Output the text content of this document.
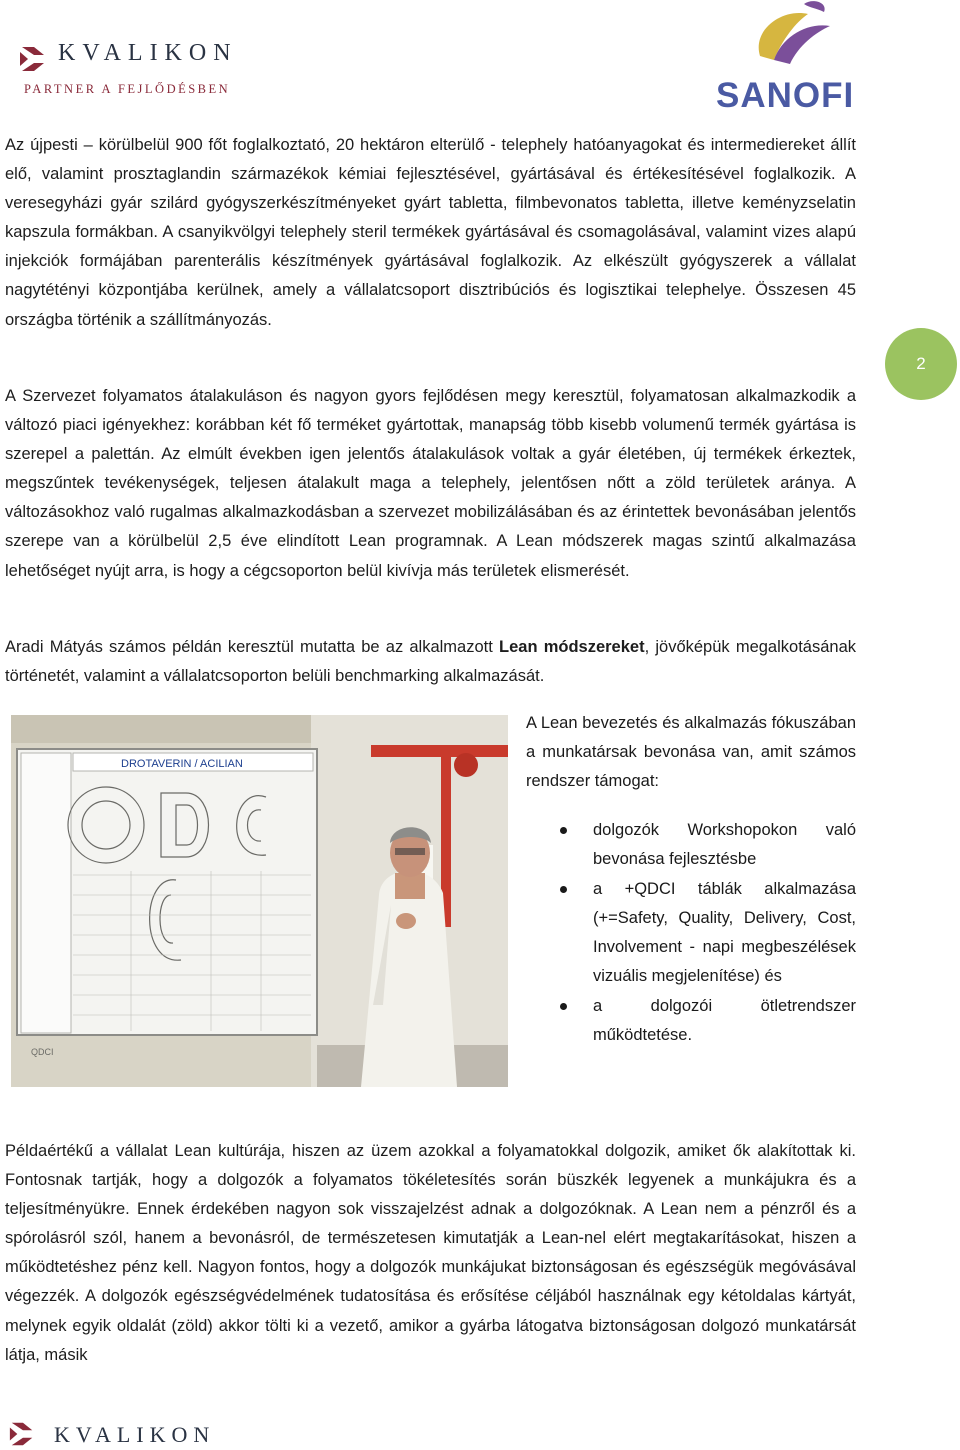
KVALIKON
PARTNER A FEJLŐDÉSBEN	SANOFI
2

Az újpesti – körülbelül 900 főt foglalkoztató, 20 hektáron elterülő - telephely hatóanyagokat és intermediereket állít elő, valamint prosztaglandin származékok kémiai fejlesztésével, gyártásával és értékesítésével foglalkozik. A veresegyházi gyár szilárd gyógyszerkészítményeket gyárt tabletta, filmbevonatos tabletta, illetve keményzselatin kapszula formákban. A csanyikvölgyi telephely steril termékek gyártásával és csomagolásával, valamint vizes alapú injekciók formájában parenterális készítmények gyártásával foglalkozik. Az elkészült gyógyszerek a vállalat nagytétényi központjába kerülnek, amely a vállalatcsoport disztribúciós és logisztikai telephelye. Összesen 45 országba történik a szállítmányozás.

A Szervezet folyamatos átalakuláson és nagyon gyors fejlődésen megy keresztül, folyamatosan alkalmazkodik a változó piaci igényekhez: korábban két fő terméket gyártottak, manapság több kisebb volumenű termék gyártása is szerepel a palettán. Az elmúlt években igen jelentős átalakulások voltak a gyár életében, új termékek érkeztek, megszűntek tevékenységek, teljesen átalakult maga a telephely, jelentősen nőtt a zöld területek aránya. A változásokhoz való rugalmas alkalmazkodásban a szervezet mobilizálásában és az érintettek bevonásában jelentős szerepe van a körülbelül 2,5 éve elindított Lean programnak. A Lean módszerek magas szintű alkalmazása lehetőséget nyújt arra, is hogy a cégcsoporton belül kivívja más területek elismerését.

Aradi Mátyás számos példán keresztül mutatta be az alkalmazott Lean módszereket, jövőképük megalkotásának történetét, valamint a vállalatcsoporton belüli benchmarking alkalmazását.

DROTAVERIN / ACILIAN
QDCI

A Lean bevezetés és alkalmazás fókuszában a munkatársak bevonása van, amit számos rendszer támogat:

dolgozók Workshopokon való bevonása fejlesztésbe
a +QDCI táblák alkalmazása (+=Safety, Quality, Delivery, Cost, Involvement - napi megbeszélések vizuális megjelenítése) és
a dolgozói ötletrendszer működtetése.

Példaértékű a vállalat Lean kultúrája, hiszen az üzem azokkal a folyamatokkal dolgozik, amiket ők alakítottak ki. Fontosnak tartják, hogy a dolgozók a folyamatos tökéletesítés során büszkék legyenek a munkájukra és a teljesítményükre. Ennek érdekében nagyon sok visszajelzést adnak a dolgozóknak. A Lean nem a pénzről és a spórolásról szól, hanem a bevonásról, de természetesen kimutatják a Lean-nel elért megtakarításokat, hiszen a működtetéshez pénz kell. Nagyon fontos, hogy a dolgozók munkájukat biztonságosan és egészségük megóvásával végezzék. A dolgozók egészségvédelmének tudatosítása és erősítése céljából használnak egy kétoldalas kártyát, melynek egyik oldalát (zöld) akkor tölti ki a vezető, amikor a gyárba látogatva biztonságosan dolgozó munkatársát látja, másik

KVALIKON
